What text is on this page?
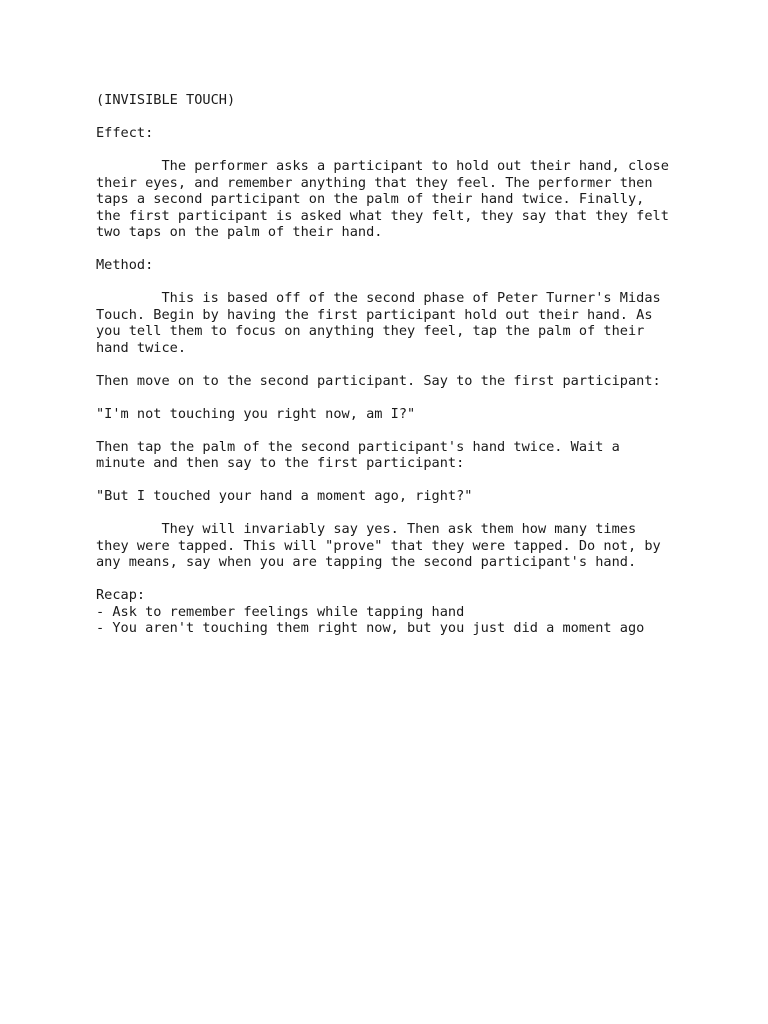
(INVISIBLE TOUCH)
Effect:
The performer asks a participant to hold out their hand, close
their eyes, and remember anything that they feel. The performer then
taps a second participant on the palm of their hand twice. Finally,
the first participant is asked what they felt, they say that they felt
two taps on the palm of their hand.
Method:
This is based off of the second phase of Peter Turner's Midas
Touch. Begin by having the first participant hold out their hand. As
you tell them to focus on anything they feel, tap the palm of their
hand twice.
Then move on to the second participant. Say to the first participant:
"I'm not touching you right now, am I?"
Then tap the palm of the second participant's hand twice. Wait a
minute and then say to the first participant:
"But I touched your hand a moment ago, right?"
They will invariably say yes. Then ask them how many times
they were tapped. This will "prove" that they were tapped. Do not, by
any means, say when you are tapping the second participant's hand.
Recap:
- Ask to remember feelings while tapping hand
- You aren't touching them right now, but you just did a moment ago
